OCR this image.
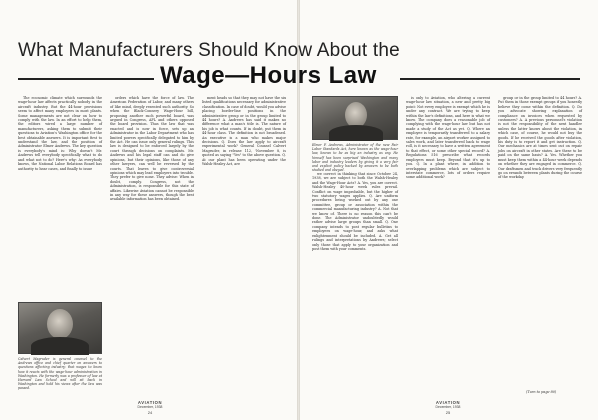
What Manufacturers Should Know About the
Wage—Hours Law

The economic climate which surrounds the wage-hour law affects practically nobody in the aircraft industry. But the 44-hour provisions seem to affect many employees in most plants. Some managements are not clear on how to comply with the law. In an effort to help them, the editors wired a large number of manufacturers, asking them to submit their questions to Aviation's Washington office for the best obtainable answers. It is important first to understand the law, and the position of Administrator Elmer Andrews. The key question is everybody's mind is: Why doesn't Mr. Andrews tell everybody specifically what to do and what not to do? Here's why: As everybody knows, the National Labor Relations Board has authority to hear cases, and finally to issue

orders which have the force of law. The American Federation of Labor, and many others of like mind, deeply resented such authority. So when the Black-Connery Wage-Hour bill, proposing another such powerful board, was argued in Congress, AFL and others opposed the board provision. Thus the law that was enacted and is now in force, sets up an Administrator in the Labor Department who has limited powers specifically delegated to him by the Act. He can issue only general rulings. This law is designed to be enforced largely by the court through decisions on complaints. Mr. Andrews and his legal staff can and do give opinions, but their opinions, like those of any other lawyers, can well be reversed by the courts. That leaves to give controversial opinions which may lead employers into trouble. They prefer to give none. They advise: When in doubt, comply. Congress, not the Administration, is responsible for this state of affairs. Likewise Aviation cannot be responsible in any way for these answers, though the best available information has been obtained.

ment heads so that they may not have the six listed qualifications necessary for administrative classification. In case of doubt, would you advise placing border-line positions in the administrative group or in the group limited to 44 hours? A. Andrews has said it makes no difference what a man's title is. The nature of his job is what counts. If in doubt, put them in 44-hour class. The definition is not broadened. An executive is a man who makes major decisions. Q. Does the law apply to aircraft experimental work? General Counsel Calvert Magruder, in release 112, 'November 8, is quoted as saying "Yes" to the above question. Q. At our plant has been operating under the Walsh-Healey Act, are

Calvert Magruder is general counsel to the Andrews office and chief quarter on answers to questions affecting industry: that wages to know how it reacts with the wage-hour administration in Washington. He formerly was a professor of law at Harvard Law School and will sit back in Washington and hold his views after the law was passed.

we correct in thinking that since October 24, 1938, we are subject to both the Walsh-Healey and the Wage-Hour Acts? A. Yes, you are correct. Walsh-Healey 40-hour week rules prevail. Conflict on wage improbable, but the higher of two statutory wages applies. Q. Are uniform procedures being worked out by any one committee, group or association within the commercial manufacturing industry? A. Not that we know of. There is no reason this can't be done. The Administrator undoubtedly would rather advise large groups than small. Q. One company intends to post regular bulletins to employees on wage-hour, and asks what enlightenment should be included. A. Get all rulings and interpretations by Andrews; select only those that apply to your organization and post them with your comments.

is only to Aviation, who altering a current wage-hour law situation, a new and pretty big point: Not every employee is exempt which he is under any contract. We are trying to keep within the law's definitions, and here is what we know. The company does a reasonable job of complying with the wage-hour law but has not made a study of the Act as yet. Q. Where an employee is temporarily transferred to a salary rate, for example, an airport worker assigned to sales work, and later transferred back to wage roll, is it necessary to have a written agreement to that effect, or some other special record? A. Regulations 516 prescribe what records employers must keep. Beyond that it's up to you. Q. In a plant where, in addition to overlapping problems which are subject to interstate commerce, lots of orders require some additional work?

group or in the group limited to 44 hours? A. Put them in those exempt groups if you honestly believe they come within the definition. Q. Do you advocate showing explanation of compliance on invoices when requested by customers? A. A previous personnel's violation is not the responsibility of the next handler unless the latter knows about the violation, in which case, of course, he would not buy the goods. If he received the goods after violation, his duty is to report it and get instruction. Q. Our mechanics are at times sent out on repair jobs on aircraft in other states. Are these to be paid on the same basis? A. Yes. Whether you must keep them within a 44-hour week depends on whether they are engaged in commerce. Q. Our draftsmen and truck drivers very frequently go on errands between plants during the course of the workday.

Elmer F. Andrews, Administrator of the new Fair Labor Standards Act, here known as the wage-hour law, known to be as big an industry as any. He himself has been surprised Washington and many labor and industry leaders by giving it a very fair and explicit policy backed by answers to be both studied and obeyed.
(Turn to page 80)
AVIATION
December, 1938
24
AVIATION
December, 1938
25
